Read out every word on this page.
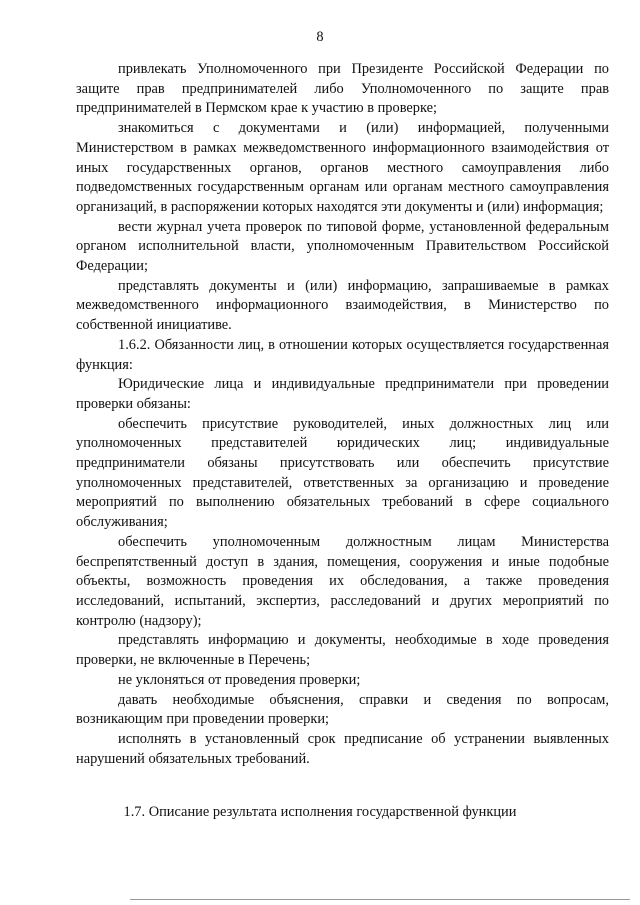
8

привлекать Уполномоченного при Президенте Российской Федерации по защите прав предпринимателей либо Уполномоченного по защите прав предпринимателей в Пермском крае к участию в проверке;

знакомиться с документами и (или) информацией, полученными Министерством в рамках межведомственного информационного взаимодействия от иных государственных органов, органов местного самоуправления либо подведомственных государственным органам или органам местного самоуправления организаций, в распоряжении которых находятся эти документы и (или) информация;

вести журнал учета проверок по типовой форме, установленной федеральным органом исполнительной власти, уполномоченным Правительством Российской Федерации;

представлять документы и (или) информацию, запрашиваемые в рамках межведомственного информационного взаимодействия, в Министерство по собственной инициативе.

1.6.2. Обязанности лиц, в отношении которых осуществляется государственная функция:

Юридические лица и индивидуальные предприниматели при проведении проверки обязаны:

обеспечить присутствие руководителей, иных должностных лиц или уполномоченных представителей юридических лиц; индивидуальные предприниматели обязаны присутствовать или обеспечить присутствие уполномоченных представителей, ответственных за организацию и проведение мероприятий по выполнению обязательных требований в сфере социального обслуживания;

обеспечить уполномоченным должностным лицам Министерства беспрепятственный доступ в здания, помещения, сооружения и иные подобные объекты, возможность проведения их обследования, а также проведения исследований, испытаний, экспертиз, расследований и других мероприятий по контролю (надзору);

представлять информацию и документы, необходимые в ходе проведения проверки, не включенные в Перечень;

не уклоняться от проведения проверки;

давать необходимые объяснения, справки и сведения по вопросам, возникающим при проведении проверки;

исполнять в установленный срок предписание об устранении выявленных нарушений обязательных требований.

1.7. Описание результата исполнения государственной функции
